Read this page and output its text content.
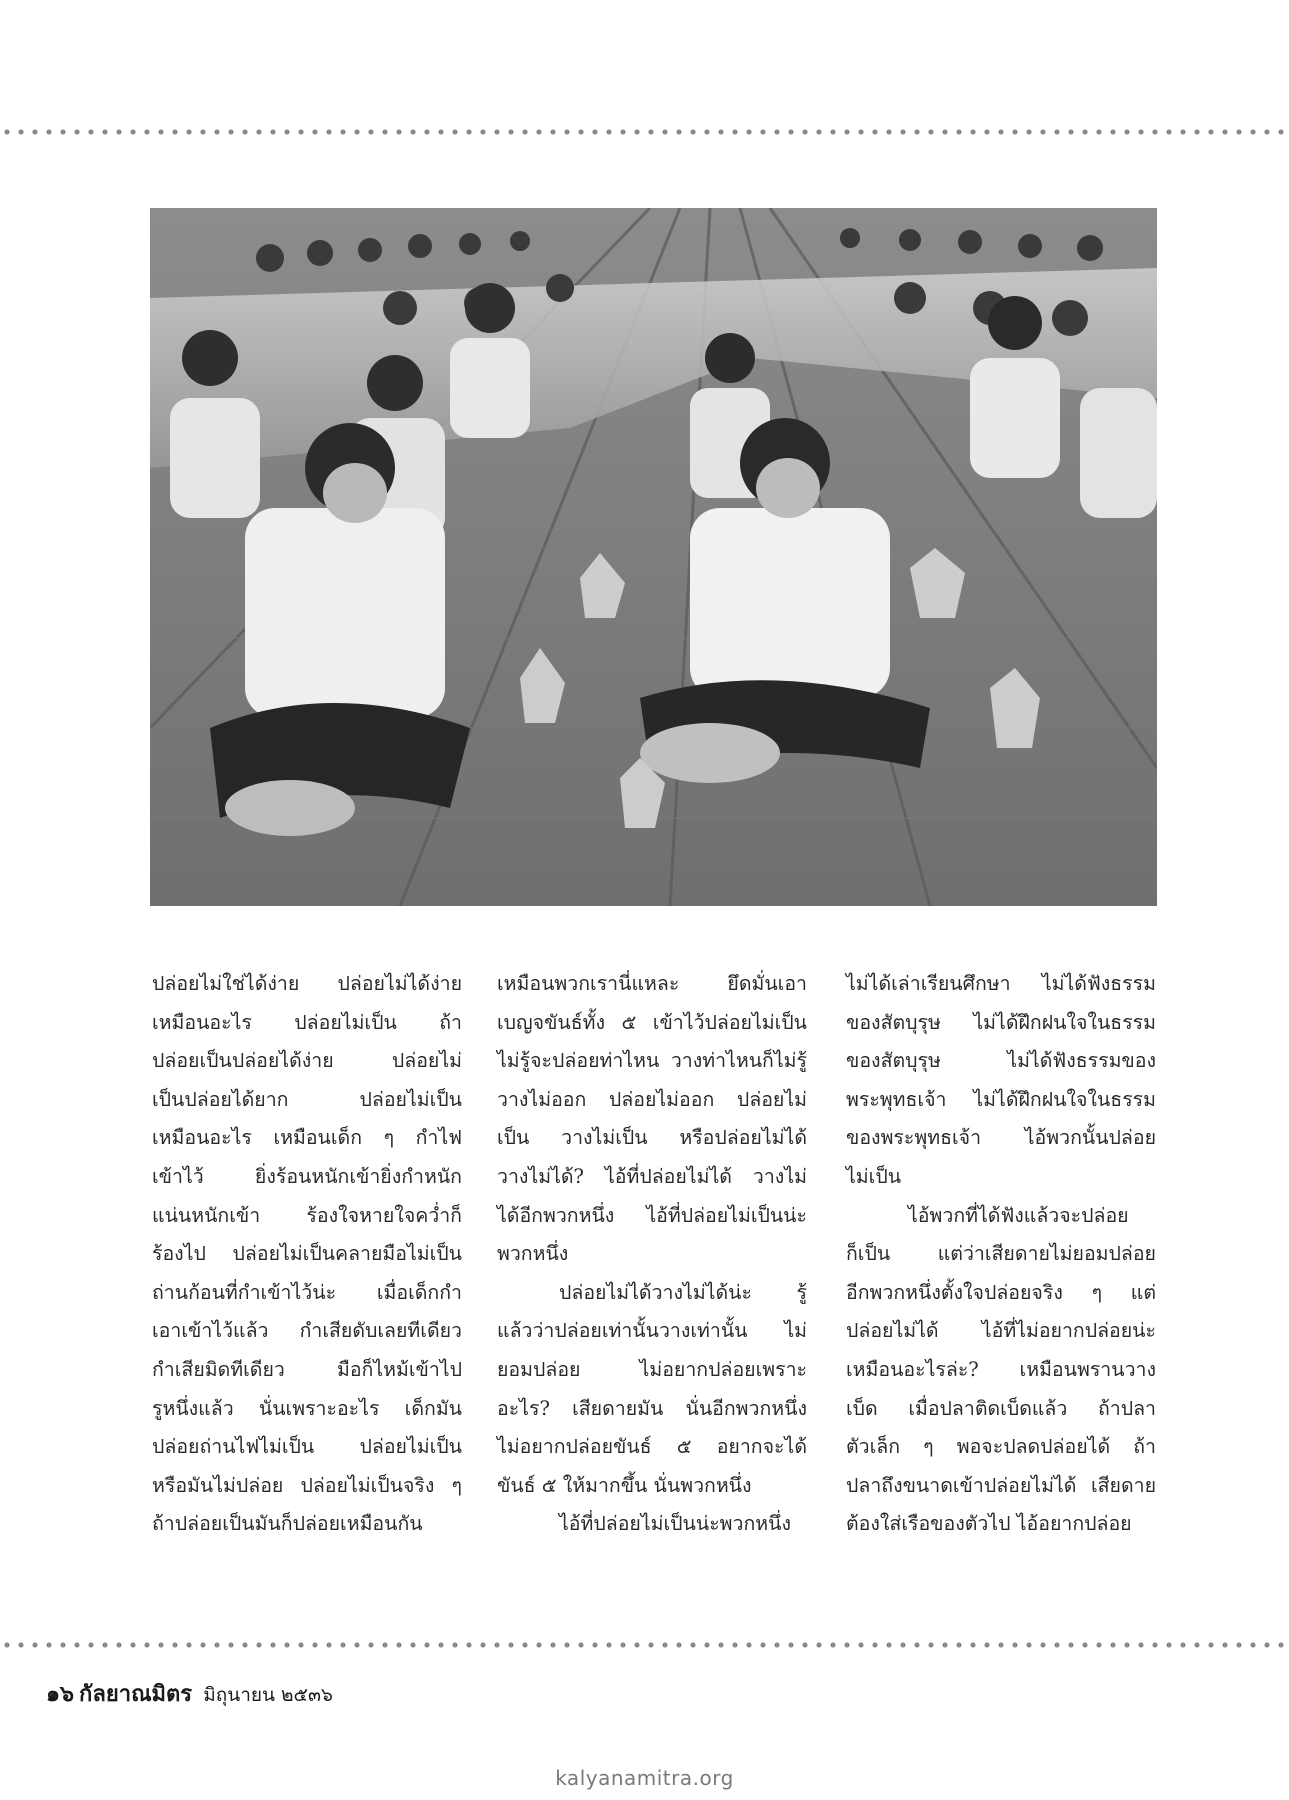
ปล่อยไม่ใช่ได้ง่าย ปล่อยไม่ได้ง่าย

เหมือนอะไร ปล่อยไม่เป็น ถ้า

ปล่อยเป็นปล่อยได้ง่าย ปล่อยไม่

เป็นปล่อยได้ยาก ปล่อยไม่เป็น

เหมือนอะไร เหมือนเด็ก ๆ กำไฟ

เข้าไว้ ยิ่งร้อนหนักเข้ายิ่งกำหนัก

แน่นหนักเข้า ร้องใจหายใจคว่ำก็

ร้องไป ปล่อยไม่เป็นคลายมือไม่เป็น

ถ่านก้อนที่กำเข้าไว้น่ะ เมื่อเด็กกำ

เอาเข้าไว้แล้ว กำเสียดับเลยทีเดียว

กำเสียมิดทีเดียว มือก็ไหม้เข้าไป

รูหนึ่งแล้ว นั่นเพราะอะไร เด็กมัน

ปล่อยถ่านไฟไม่เป็น ปล่อยไม่เป็น

หรือมันไม่ปล่อย ปล่อยไม่เป็นจริง ๆ

ถ้าปล่อยเป็นมันก็ปล่อยเหมือนกัน

เหมือนพวกเรานี่แหละ ยึดมั่นเอา

เบญจขันธ์ทั้ง ๕ เข้าไว้ปล่อยไม่เป็น

ไม่รู้จะปล่อยท่าไหน วางท่าไหนก็ไม่รู้

วางไม่ออก ปล่อยไม่ออก ปล่อยไม่

เป็น วางไม่เป็น หรือปล่อยไม่ได้

วางไม่ได้? ไอ้ที่ปล่อยไม่ได้ วางไม่

ได้อีกพวกหนึ่ง ไอ้ที่ปล่อยไม่เป็นน่ะ

พวกหนึ่ง

ปล่อยไม่ได้วางไม่ได้น่ะ รู้

แล้วว่าปล่อยเท่านั้นวางเท่านั้น ไม่

ยอมปล่อย ไม่อยากปล่อยเพราะ

อะไร? เสียดายมัน นั่นอีกพวกหนึ่ง

ไม่อยากปล่อยขันธ์ ๕ อยากจะได้

ขันธ์ ๕ ให้มากขึ้น นั่นพวกหนึ่ง

ไอ้ที่ปล่อยไม่เป็นน่ะพวกหนึ่ง

ไม่ได้เล่าเรียนศึกษา ไม่ได้ฟังธรรม

ของสัตบุรุษ ไม่ได้ฝึกฝนใจในธรรม

ของสัตบุรุษ ไม่ได้ฟังธรรมของ

พระพุทธเจ้า ไม่ได้ฝึกฝนใจในธรรม

ของพระพุทธเจ้า ไอ้พวกนั้นปล่อย

ไม่เป็น

ไอ้พวกที่ได้ฟังแล้วจะปล่อย

ก็เป็น แต่ว่าเสียดายไม่ยอมปล่อย

อีกพวกหนึ่งตั้งใจปล่อยจริง ๆ แต่

ปล่อยไม่ได้ ไอ้ที่ไม่อยากปล่อยน่ะ

เหมือนอะไรล่ะ? เหมือนพรานวาง

เบ็ด เมื่อปลาติดเบ็ดแล้ว ถ้าปลา

ตัวเล็ก ๆ พอจะปลดปล่อยได้ ถ้า

ปลาถึงขนาดเข้าปล่อยไม่ได้ เสียดาย

ต้องใส่เรือของตัวไป ไอ้อยากปล่อย

๑๖ กัลยาณมิตร มิถุนายน ๒๕๓๖
kalyanamitra.org
